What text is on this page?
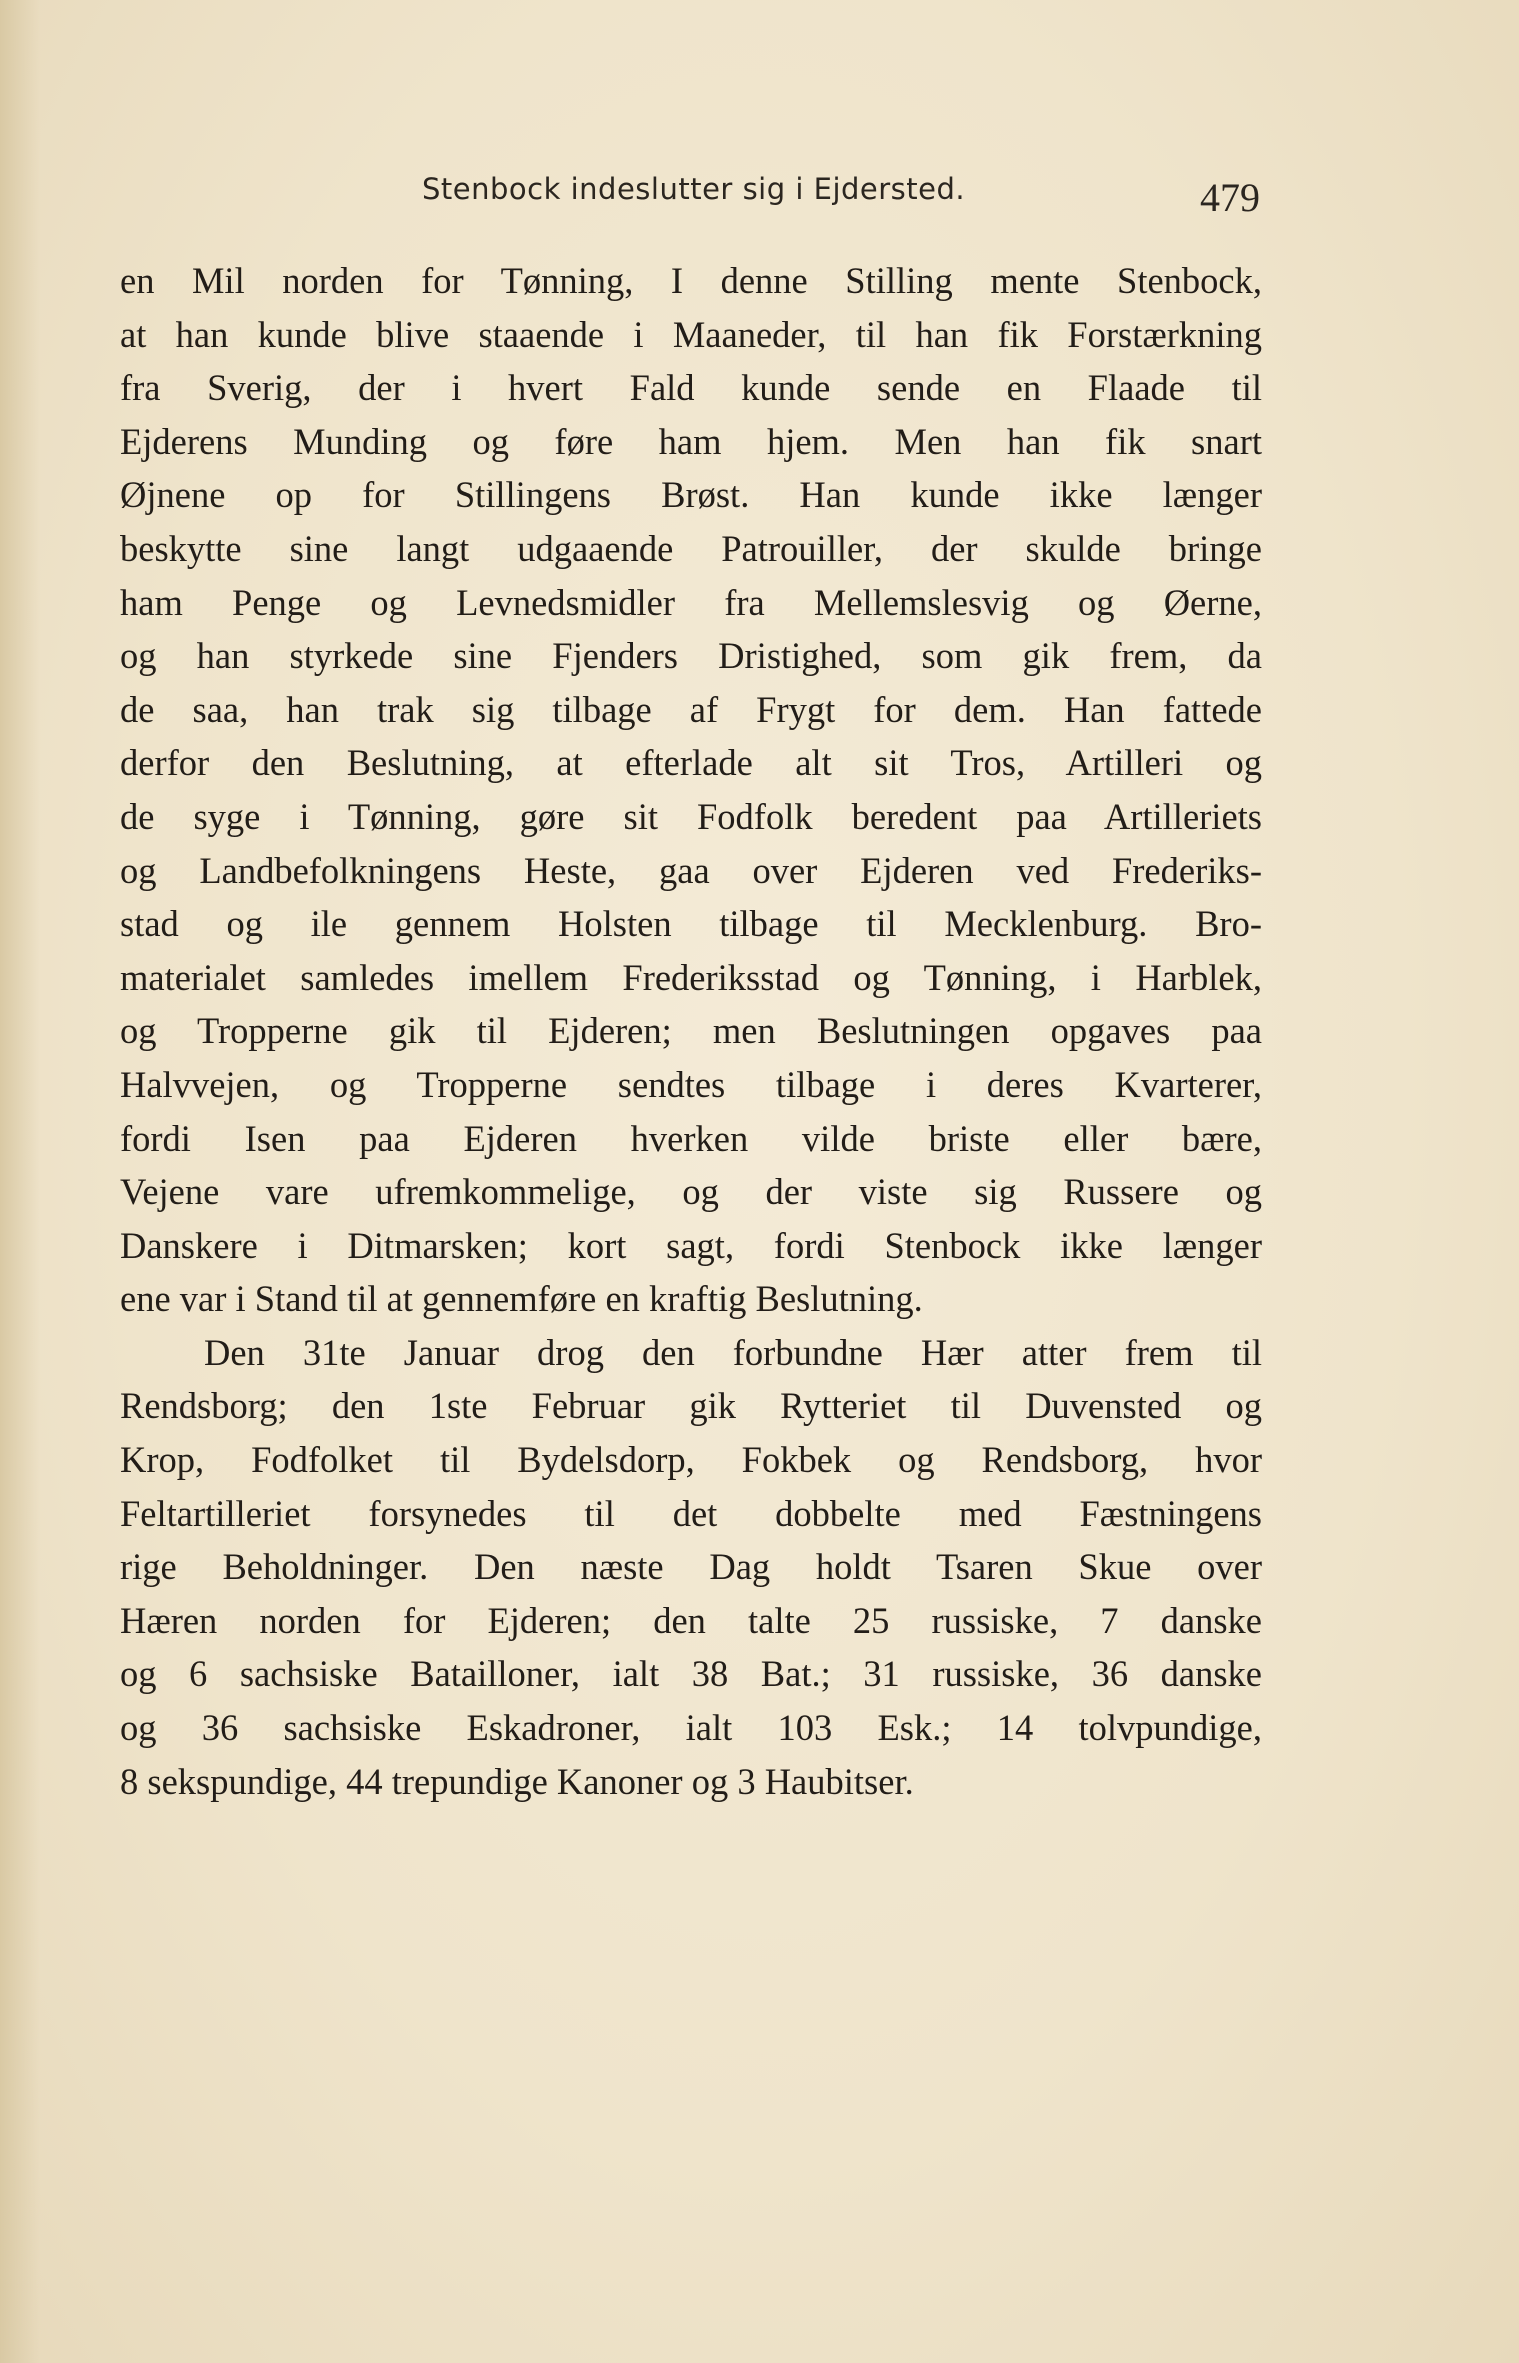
Stenbock indeslutter sig i Ejdersted.	479
en Mil norden for Tønning, I denne Stilling mente Stenbock,
at han kunde blive staaende i Maaneder, til han fik Forstærkning
fra Sverig, der i hvert Fald kunde sende en Flaade til
Ejderens Munding og føre ham hjem. Men han fik snart
Øjnene op for Stillingens Brøst. Han kunde ikke længer
beskytte sine langt udgaaende Patrouiller, der skulde bringe
ham Penge og Levnedsmidler fra Mellemslesvig og Øerne,
og han styrkede sine Fjenders Dristighed, som gik frem, da
de saa, han trak sig tilbage af Frygt for dem. Han fattede
derfor den Beslutning, at efterlade alt sit Tros, Artilleri og
de syge i Tønning, gøre sit Fodfolk beredent paa Artilleriets
og Landbefolkningens Heste, gaa over Ejderen ved Frederiks-
stad og ile gennem Holsten tilbage til Mecklenburg. Bro-
materialet samledes imellem Frederiksstad og Tønning, i Harblek,
og Tropperne gik til Ejderen; men Beslutningen opgaves paa
Halvvejen, og Tropperne sendtes tilbage i deres Kvarterer,
fordi Isen paa Ejderen hverken vilde briste eller bære,
Vejene vare ufremkommelige, og der viste sig Russere og
Danskere i Ditmarsken; kort sagt, fordi Stenbock ikke længer
ene var i Stand til at gennemføre en kraftig Beslutning.
Den 31te Januar drog den forbundne Hær atter frem til
Rendsborg; den 1ste Februar gik Rytteriet til Duvensted og
Krop, Fodfolket til Bydelsdorp, Fokbek og Rendsborg, hvor
Feltartilleriet forsynedes til det dobbelte med Fæstningens
rige Beholdninger. Den næste Dag holdt Tsaren Skue over
Hæren norden for Ejderen; den talte 25 russiske, 7 danske
og 6 sachsiske Batailloner, ialt 38 Bat.; 31 russiske, 36 danske
og 36 sachsiske Eskadroner, ialt 103 Esk.; 14 tolvpundige,
8 sekspundige, 44 trepundige Kanoner og 3 Haubitser.
